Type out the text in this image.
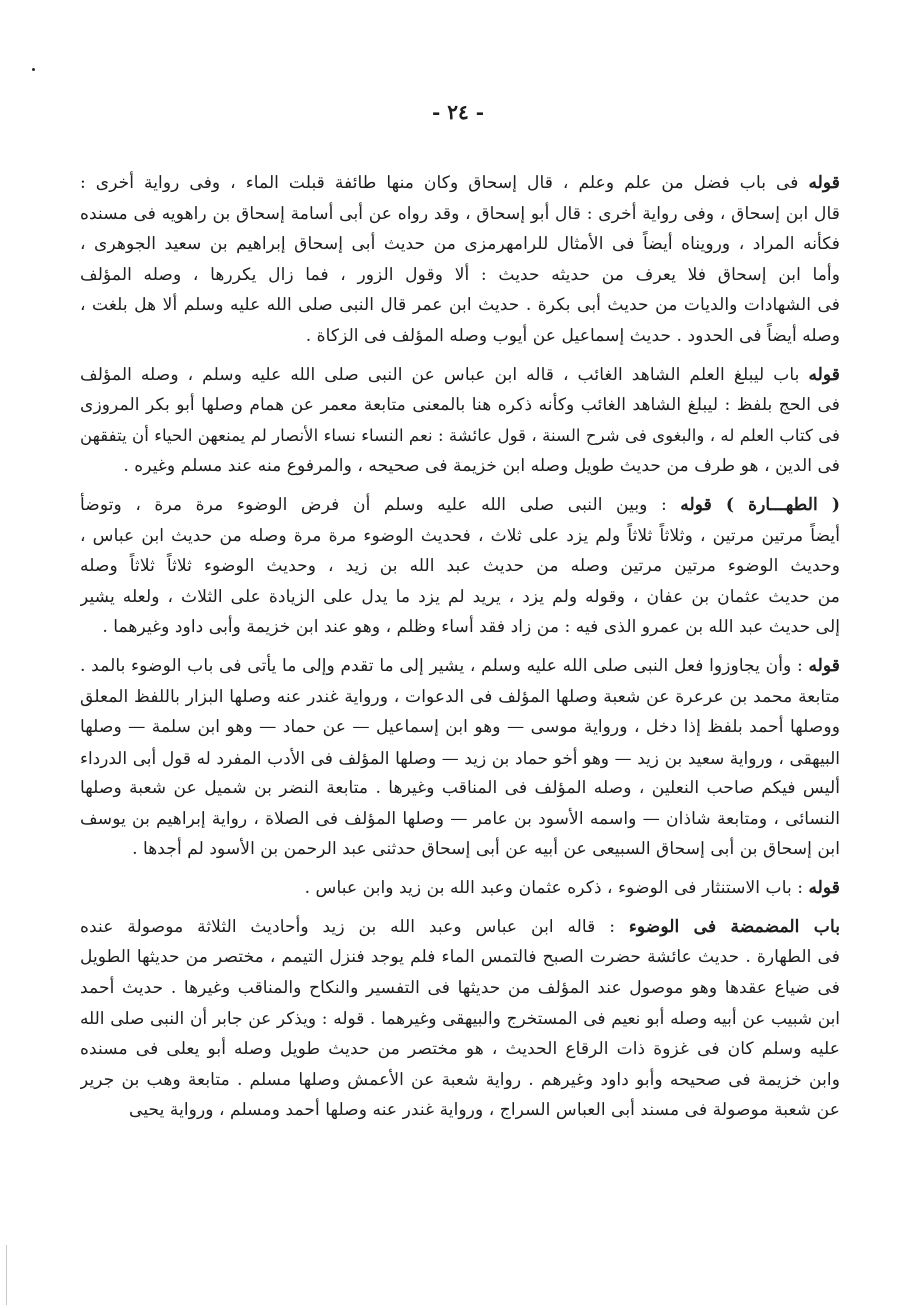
- ٢٤ -

قوله فى باب فضل من علم وعلم ، قال إسحاق وكان منها طائفة قبلت الماء ، وفى رواية أخرى :
قال ابن إسحاق ، وفى رواية أخرى : قال أبو إسحاق ، وقد رواه عن أبى أسامة إسحاق بن راهويه فى مسنده
فكأنه المراد ، ورويناه أيضاً فى الأمثال للرامهرمزى من حديث أبى إسحاق إبراهيم بن سعيد الجوهرى ،
وأما ابن إسحاق فلا يعرف من حديثه حديث : ألا وقول الزور ، فما زال يكررها ، وصله المؤلف
فى الشهادات والديات من حديث أبى بكرة . حديث ابن عمر قال النبى صلى الله عليه وسلم ألا هل بلغت ،
وصله أيضاً فى الحدود . حديث إسماعيل عن أيوب وصله المؤلف فى الزكاة .

قوله باب ليبلغ العلم الشاهد الغائب ، قاله ابن عباس عن النبى صلى الله عليه وسلم ، وصله المؤلف
فى الحج بلفظ : ليبلغ الشاهد الغائب وكأنه ذكره هنا بالمعنى متابعة معمر عن همام وصلها أبو بكر المروزى
فى كتاب العلم له ، والبغوى فى شرح السنة ، قول عائشة : نعم النساء نساء الأنصار لم يمنعهن الحياء أن يتفقهن
فى الدين ، هو طرف من حديث طويل وصله ابن خزيمة فى صحيحه ، والمرفوع منه عند مسلم وغيره .

( الطهـــارة ) قوله : وبين النبى صلى الله عليه وسلم أن فرض الوضوء مرة مرة ، وتوضأ
أيضاً مرتين مرتين ، وثلاثاً ثلاثاً ولم يزد على ثلاث ، فحديث الوضوء مرة مرة وصله من حديث ابن عباس ،
وحديث الوضوء مرتين مرتين وصله من حديث عبد الله بن زيد ، وحديث الوضوء ثلاثاً ثلاثاً وصله
من حديث عثمان بن عفان ، وقوله ولم يزد ، يريد لم يزد ما يدل على الزيادة على الثلاث ، ولعله يشير
إلى حديث عبد الله بن عمرو الذى فيه : من زاد فقد أساء وظلم ، وهو عند ابن خزيمة وأبى داود وغيرهما .

قوله : وأن يجاوزوا فعل النبى صلى الله عليه وسلم ، يشير إلى ما تقدم وإلى ما يأتى فى باب الوضوء بالمد .
متابعة محمد بن عرعرة عن شعبة وصلها المؤلف فى الدعوات ، ورواية غندر عنه وصلها البزار باللفظ المعلق
ووصلها أحمد بلفظ إذا دخل ، ورواية موسى — وهو ابن إسماعيل — عن حماد — وهو ابن سلمة — وصلها
البيهقى ، ورواية سعيد بن زيد — وهو أخو حماد بن زيد — وصلها المؤلف فى الأدب المفرد له قول أبى الدرداء
أليس فيكم صاحب النعلين ، وصله المؤلف فى المناقب وغيرها . متابعة النضر بن شميل عن شعبة وصلها
النسائى ، ومتابعة شاذان — واسمه الأسود بن عامر — وصلها المؤلف فى الصلاة ، رواية إبراهيم بن يوسف
ابن إسحاق بن أبى إسحاق السبيعى عن أبيه عن أبى إسحاق حدثنى عبد الرحمن بن الأسود لم أجدها .

قوله : باب الاستنثار فى الوضوء ، ذكره عثمان وعبد الله بن زيد وابن عباس .

باب المضمضة فى الوضوء : قاله ابن عباس وعبد الله بن زيد وأحاديث الثلاثة موصولة عنده
فى الطهارة . حديث عائشة حضرت الصبح فالتمس الماء فلم يوجد فنزل التيمم ، مختصر من حديثها الطويل
فى ضياع عقدها وهو موصول عند المؤلف من حديثها فى التفسير والنكاح والمناقب وغيرها . حديث أحمد
ابن شبيب عن أبيه وصله أبو نعيم فى المستخرج والبيهقى وغيرهما . قوله : ويذكر عن جابر أن النبى صلى الله
عليه وسلم كان فى غزوة ذات الرقاع الحديث ، هو مختصر من حديث طويل وصله أبو يعلى فى مسنده
وابن خزيمة فى صحيحه وأبو داود وغيرهم . رواية شعبة عن الأعمش وصلها مسلم . متابعة وهب بن جرير
عن شعبة موصولة فى مسند أبى العباس السراج ، ورواية غندر عنه وصلها أحمد ومسلم ، ورواية يحيى
